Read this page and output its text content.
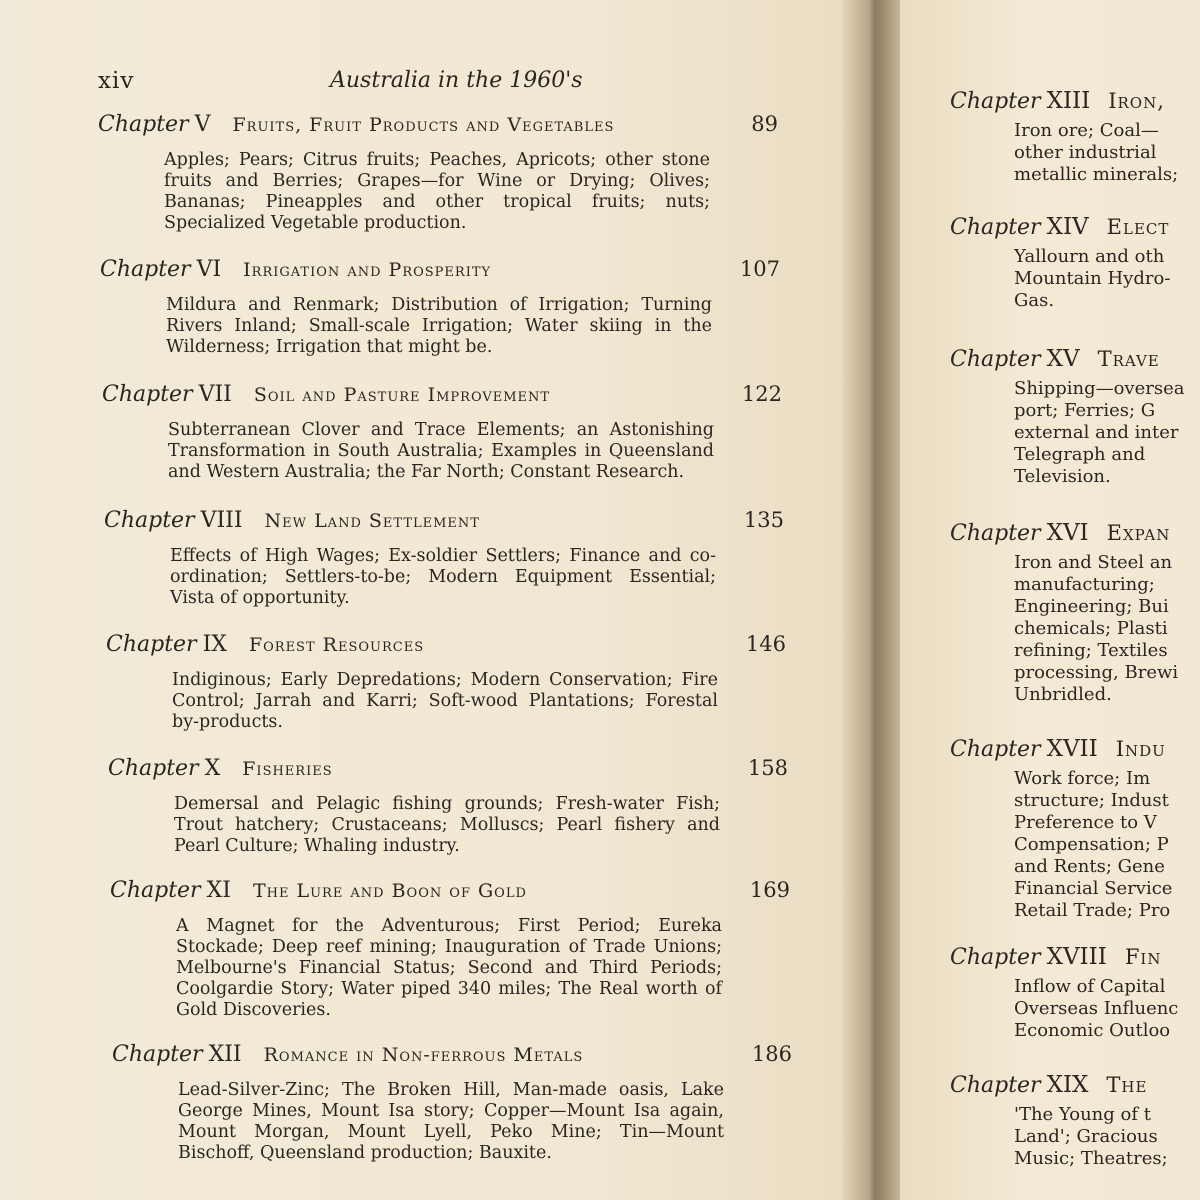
xiv	Australia in the 1960's
Chapter V Fruits, Fruit Products and Vegetables	89
Apples; Pears; Citrus fruits; Peaches, Apricots; other stone fruits and Berries; Grapes—for Wine or Drying; Olives; Bananas; Pineapples and other tropical fruits; nuts; Specialized Vegetable production.
Chapter VI Irrigation and Prosperity	107
Mildura and Renmark; Distribution of Irrigation; Turning Rivers Inland; Small-scale Irrigation; Water skiing in the Wilderness; Irrigation that might be.
Chapter VII Soil and Pasture Improvement	122
Subterranean Clover and Trace Elements; an Astonishing Transformation in South Australia; Examples in Queensland and Western Australia; the Far North; Constant Research.
Chapter VIII New Land Settlement	135
Effects of High Wages; Ex-soldier Settlers; Finance and co-ordination; Settlers-to-be; Modern Equipment Essential; Vista of opportunity.
Chapter IX Forest Resources	146
Indiginous; Early Depredations; Modern Conservation; Fire Control; Jarrah and Karri; Soft-wood Plantations; Forestal by-products.
Chapter X Fisheries	158
Demersal and Pelagic fishing grounds; Fresh-water Fish; Trout hatchery; Crustaceans; Molluscs; Pearl fishery and Pearl Culture; Whaling industry.
Chapter XI The Lure and Boon of Gold	169
A Magnet for the Adventurous; First Period; Eureka Stockade; Deep reef mining; Inauguration of Trade Unions; Melbourne's Financial Status; Second and Third Periods; Coolgardie Story; Water piped 340 miles; The Real worth of Gold Discoveries.
Chapter XII Romance in Non-ferrous Metals	186
Lead-Silver-Zinc; The Broken Hill, Man-made oasis, Lake George Mines, Mount Isa story; Copper—Mount Isa again, Mount Morgan, Mount Lyell, Peko Mine; Tin—Mount Bischoff, Queensland production; Bauxite.
Chapter XIII Iron,
Iron ore; Coal—
other industrial
metallic minerals;
Chapter XIV Elect
Yallourn and oth
Mountain Hydro-
Gas.
Chapter XV Trave
Shipping—oversea
port; Ferries; G
external and inter
Telegraph and
Television.
Chapter XVI Expan
Iron and Steel an
manufacturing;
Engineering; Bui
chemicals; Plasti
refining; Textiles
processing, Brewi
Unbridled.
Chapter XVII Indu
Work force; Im
structure; Indust
Preference to V
Compensation; P
and Rents; Gene
Financial Service
Retail Trade; Pro
Chapter XVIII Fin
Inflow of Capital
Overseas Influenc
Economic Outloo
Chapter XIX The
'The Young of t
Land'; Gracious
Music; Theatres;
